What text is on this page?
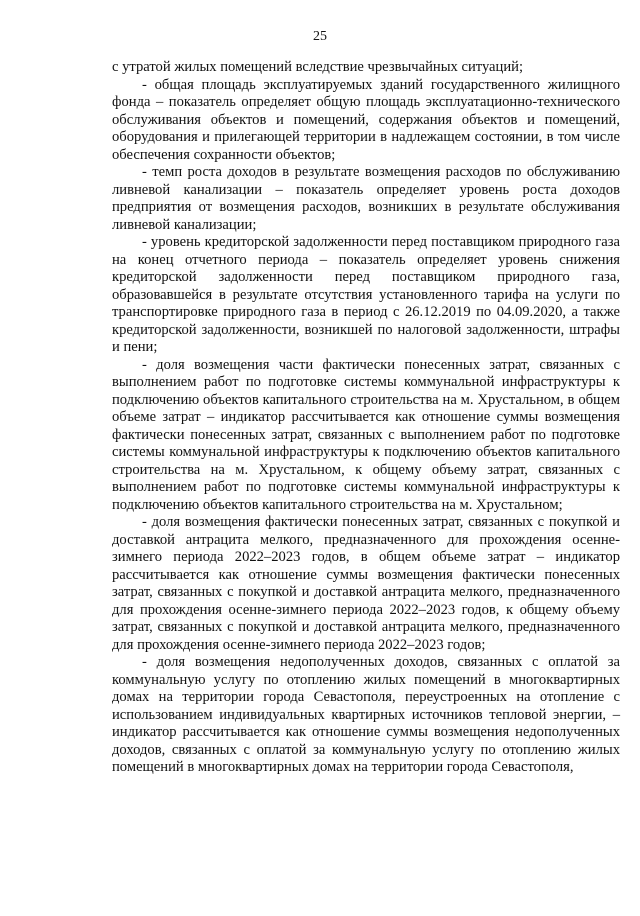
25

с утратой жилых помещений вследствие чрезвычайных ситуаций;

- общая площадь эксплуатируемых зданий государственного жилищного фонда – показатель определяет общую площадь эксплуатационно-технического обслуживания объектов и помещений, содержания объектов и помещений, оборудования и прилегающей территории в надлежащем состоянии, в том числе обеспечения сохранности объектов;

- темп роста доходов в результате возмещения расходов по обслуживанию ливневой канализации – показатель определяет уровень роста доходов предприятия от возмещения расходов, возникших в результате обслуживания ливневой канализации;

- уровень кредиторской задолженности перед поставщиком природного газа на конец отчетного периода – показатель определяет уровень снижения кредиторской задолженности перед поставщиком природного газа, образовавшейся в результате отсутствия установленного тарифа на услуги по транспортировке природного газа в период с 26.12.2019 по 04.09.2020, а также кредиторской задолженности, возникшей по налоговой задолженности, штрафы и пени;

- доля возмещения части фактически понесенных затрат, связанных с выполнением работ по подготовке системы коммунальной инфраструктуры к подключению объектов капитального строительства на м. Хрустальном, в общем объеме затрат – индикатор рассчитывается как отношение суммы возмещения фактически понесенных затрат, связанных с выполнением работ по подготовке системы коммунальной инфраструктуры к подключению объектов капитального строительства на м. Хрустальном, к общему объему затрат, связанных с выполнением работ по подготовке системы коммунальной инфраструктуры к подключению объектов капитального строительства на м. Хрустальном;

- доля возмещения фактически понесенных затрат, связанных с покупкой и доставкой антрацита мелкого, предназначенного для прохождения осенне-зимнего периода 2022–2023 годов, в общем объеме затрат – индикатор рассчитывается как отношение суммы возмещения фактически понесенных затрат, связанных с покупкой и доставкой антрацита мелкого, предназначенного для прохождения осенне-зимнего периода 2022–2023 годов, к общему объему затрат, связанных с покупкой и доставкой антрацита мелкого, предназначенного для прохождения осенне-зимнего периода 2022–2023 годов;

- доля возмещения недополученных доходов, связанных с оплатой за коммунальную услугу по отоплению жилых помещений в многоквартирных домах на территории города Севастополя, переустроенных на отопление с использованием индивидуальных квартирных источников тепловой энергии, – индикатор рассчитывается как отношение суммы возмещения недополученных доходов, связанных с оплатой за коммунальную услугу по отоплению жилых помещений в многоквартирных домах на территории города Севастополя,
